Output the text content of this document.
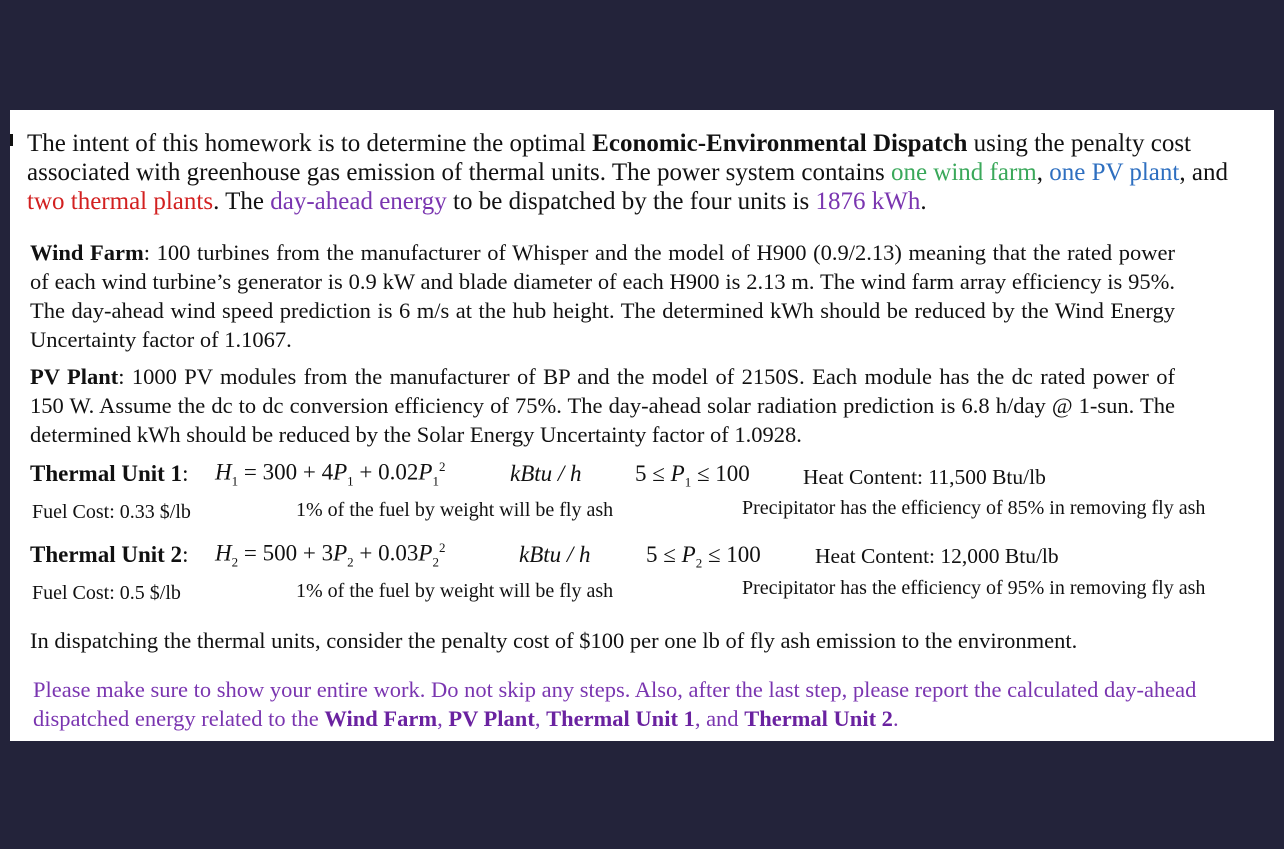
The intent of this homework is to determine the optimal Economic-Environmental Dispatch using the penalty cost associated with greenhouse gas emission of thermal units. The power system contains one wind farm, one PV plant, and two thermal plants. The day-ahead energy to be dispatched by the four units is 1876 kWh.
Wind Farm: 100 turbines from the manufacturer of Whisper and the model of H900 (0.9/2.13) meaning that the rated power of each wind turbine’s generator is 0.9 kW and blade diameter of each H900 is 2.13 m. The wind farm array efficiency is 95%. The day-ahead wind speed prediction is 6 m/s at the hub height. The determined kWh should be reduced by the Wind Energy Uncertainty factor of 1.1067.
PV Plant: 1000 PV modules from the manufacturer of BP and the model of 2150S. Each module has the dc rated power of 150 W. Assume the dc to dc conversion efficiency of 75%. The day-ahead solar radiation prediction is 6.8 h/day @ 1-sun. The determined kWh should be reduced by the Solar Energy Uncertainty factor of 1.0928.
Thermal Unit 1: $H_1 = 300 + 4P_1 + 0.02P_1^2$	kBtu / h $5 \le P_1 \le 100$ Heat Content: 11,500 Btu/lb
Fuel Cost: 0.33 $/lb	1% of the fuel by weight will be fly ash	Precipitator has the efficiency of 85% in removing fly ash
Thermal Unit 2: $H_2 = 500 + 3P_2 + 0.03P_2^2$	kBtu / h $5 \le P_2 \le 100$	Heat Content: 12,000 Btu/lb
Fuel Cost: 0.5 $/lb	1% of the fuel by weight will be fly ash	Precipitator has the efficiency of 95% in removing fly ash
In dispatching the thermal units, consider the penalty cost of $100 per one lb of fly ash emission to the environment.
Please make sure to show your entire work. Do not skip any steps. Also, after the last step, please report the calculated day-ahead dispatched energy related to the Wind Farm, PV Plant, Thermal Unit 1, and Thermal Unit 2.
